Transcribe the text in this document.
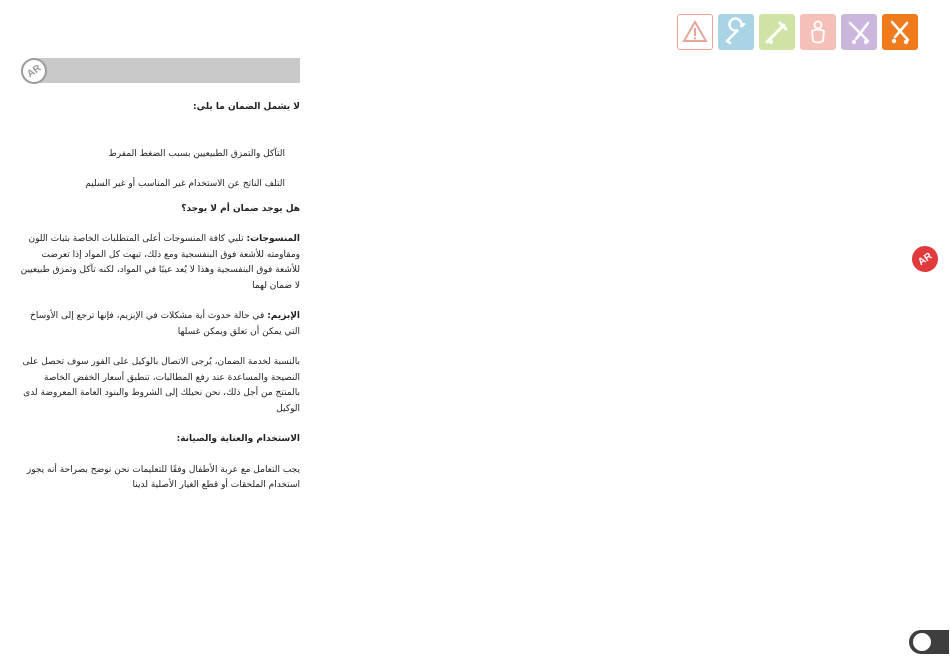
AR
AR

لا يشمل الضمان ما يلي:

التآكل والتمزق الطبيعيين بسبب الضغط المفرط

التلف الناتج عن الاستخدام غير المناسب أو غير السليم

هل يوجد ضمان أم لا يوجد؟

المنسوجات: تلبي كافة المنسوجات أعلى المتطلبات الخاصة بثبات اللون ومقاومته للأشعة فوق البنفسجية ومع ذلك، تبهت كل المواد إذا تعرضت للأشعة فوق البنفسجية وهذا لا يُعد عيبًا في المواد، لكنه تآكل وتمزق طبيعيين لا ضمان لهما

الإبزيم: في حالة حدوث أية مشكلات في الإبزيم، فإنها ترجع إلى الأوساخ التي يمكن أن تعلق ويمكن غسلها

بالنسبة لخدمة الضمان، يُرجى الاتصال بالوكيل على الفور سوف تحصل على النصيحة والمساعدة عند رفع المطالبات، تنطبق أسعار الخفض الخاصة بالمنتج من أجل ذلك، نحن نحيلك إلى الشروط والبنود العامة المعروضة لدى الوكيل

الاستخدام والعناية والصيانة:

يجب التعامل مع عربة الأطفال وفقًا للتعليمات نحن نوضح بصراحة أنه يجوز استخدام الملحقات أو قطع الغيار الأصلية لدينا
